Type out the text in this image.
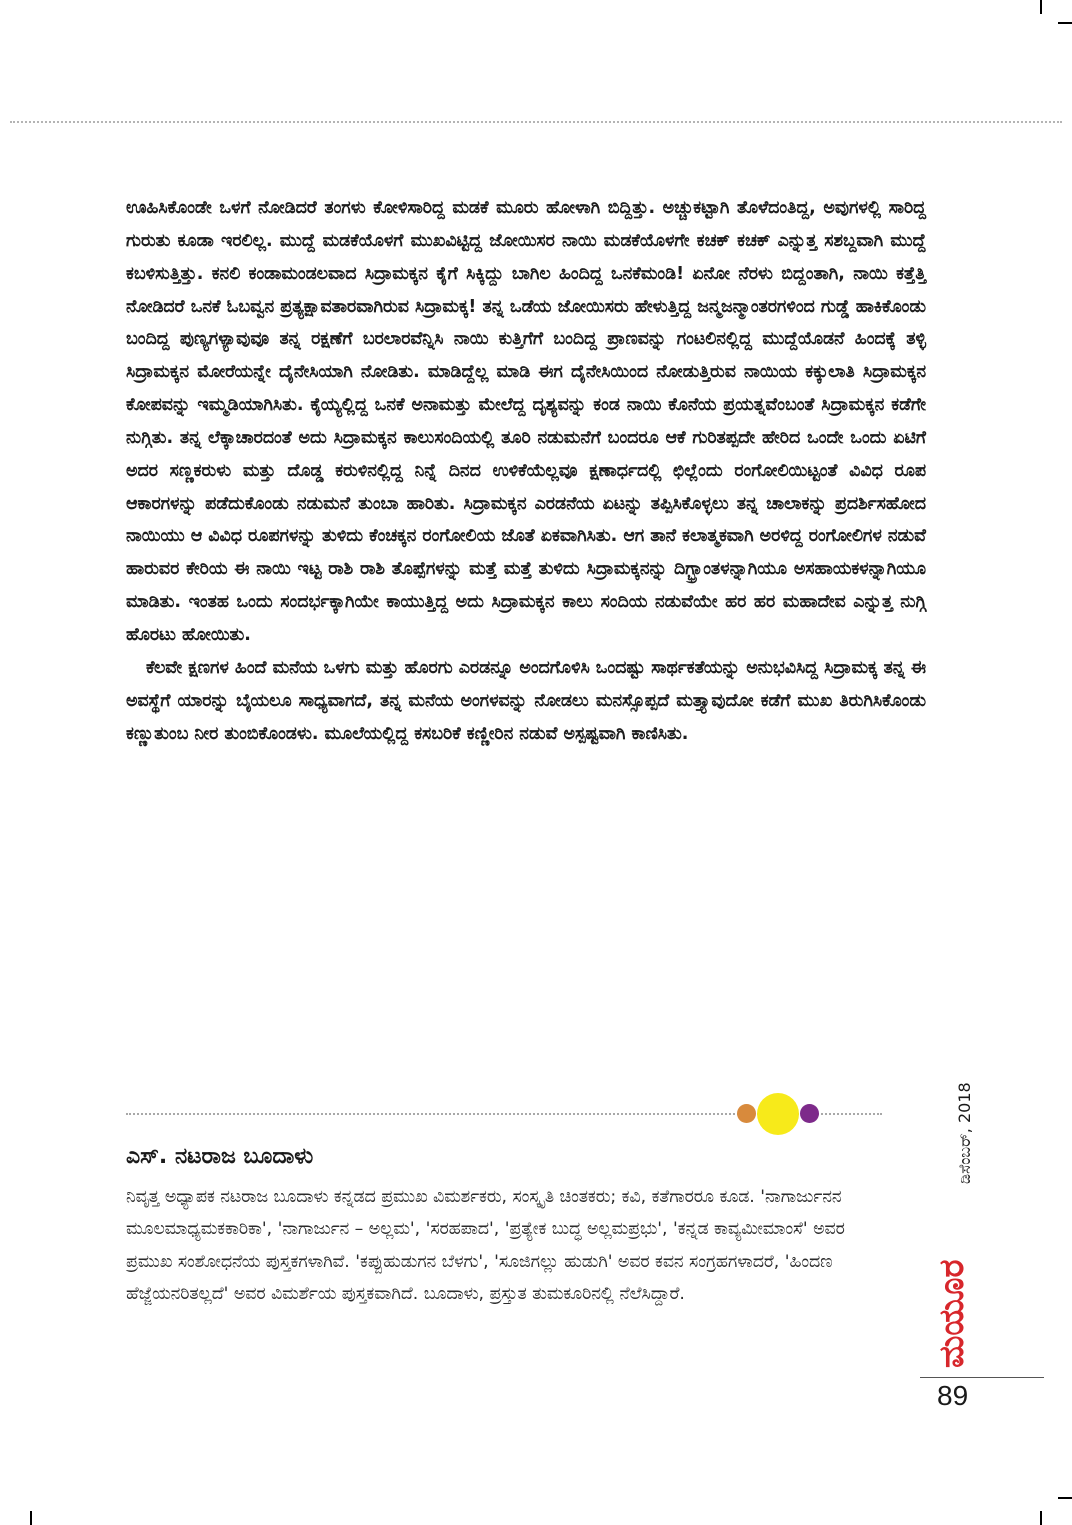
ಊಹಿಸಿಕೊಂಡೇ ಒಳಗೆ ನೋಡಿದರೆ ತಂಗಳು ಕೋಳಿಸಾರಿದ್ದ ಮಡಕೆ ಮೂರು ಹೋಳಾಗಿ ಬಿದ್ದಿತ್ತು. ಅಚ್ಚುಕಟ್ಟಾಗಿ ತೊಳೆದಂತಿದ್ದ, ಅವುಗಳಲ್ಲಿ ಸಾರಿದ್ದ ಗುರುತು ಕೂಡಾ ಇರಲಿಲ್ಲ. ಮುದ್ದೆ ಮಡಕೆಯೊಳಗೆ ಮುಖವಿಟ್ಟಿದ್ದ ಜೋಯಿಸರ ನಾಯಿ ಮಡಕೆಯೊಳಗೇ ಕಚಕ್ ಕಚಕ್ ಎನ್ನುತ್ತ ಸಶಬ್ದವಾಗಿ ಮುದ್ದೆ ಕಬಳಿಸುತ್ತಿತ್ತು. ಕನಲಿ ಕಂಡಾಮಂಡಲವಾದ ಸಿದ್ರಾಮಕ್ಕನ ಕೈಗೆ ಸಿಕ್ಕಿದ್ದು ಬಾಗಿಲ ಹಿಂದಿದ್ದ ಒನಕೆಮಂಡಿ! ಏನೋ ನೆರಳು ಬಿದ್ದಂತಾಗಿ, ನಾಯಿ ಕತ್ತೆತ್ತಿ ನೋಡಿದರೆ ಒನಕೆ ಓಬವ್ವನ ಪ್ರತ್ಯಕ್ಷಾವತಾರವಾಗಿರುವ ಸಿದ್ರಾಮಕ್ಕ! ತನ್ನ ಒಡೆಯ ಜೋಯಿಸರು ಹೇಳುತ್ತಿದ್ದ ಜನ್ಮಜನ್ಮಾಂತರಗಳಿಂದ ಗುಡ್ಡೆ ಹಾಕಿಕೊಂಡು ಬಂದಿದ್ದ ಪುಣ್ಯಗಳ್ಯಾವುವೂ ತನ್ನ ರಕ್ಷಣೆಗೆ ಬರಲಾರವೆನ್ನಿಸಿ ನಾಯಿ ಕುತ್ತಿಗೆಗೆ ಬಂದಿದ್ದ ಪ್ರಾಣವನ್ನು ಗಂಟಲಿನಲ್ಲಿದ್ದ ಮುದ್ದೆಯೊಡನೆ ಹಿಂದಕ್ಕೆ ತಳ್ಳಿ ಸಿದ್ರಾಮಕ್ಕನ ಮೋರೆಯನ್ನೇ ದೈನೇಸಿಯಾಗಿ ನೋಡಿತು. ಮಾಡಿದ್ದೆಲ್ಲ ಮಾಡಿ ಈಗ ದೈನೇಸಿಯಿಂದ ನೋಡುತ್ತಿರುವ ನಾಯಿಯ ಕಕ್ಕುಲಾತಿ ಸಿದ್ರಾಮಕ್ಕನ ಕೋಪವನ್ನು ಇಮ್ಮಡಿಯಾಗಿಸಿತು. ಕೈಯ್ಯಲ್ಲಿದ್ದ ಒನಕೆ ಅನಾಮತ್ತು ಮೇಲೆದ್ದ ದೃಶ್ಯವನ್ನು ಕಂಡ ನಾಯಿ ಕೊನೆಯ ಪ್ರಯತ್ನವೆಂಬಂತೆ ಸಿದ್ರಾಮಕ್ಕನ ಕಡೆಗೇ ನುಗ್ಗಿತು. ತನ್ನ ಲೆಕ್ಕಾಚಾರದಂತೆ ಅದು ಸಿದ್ರಾಮಕ್ಕನ ಕಾಲುಸಂದಿಯಲ್ಲಿ ತೂರಿ ನಡುಮನೆಗೆ ಬಂದರೂ ಆಕೆ ಗುರಿತಪ್ಪದೇ ಹೇರಿದ ಒಂದೇ ಒಂದು ಏಟಿಗೆ ಅದರ ಸಣ್ಣಕರುಳು ಮತ್ತು ದೊಡ್ಡ ಕರುಳಿನಲ್ಲಿದ್ದ ನಿನ್ನೆ ದಿನದ ಉಳಿಕೆಯೆಲ್ಲವೂ ಕ್ಷಣಾರ್ಧದಲ್ಲಿ ಛಿಲ್ಲೆಂದು ರಂಗೋಲಿಯಿಟ್ಟಂತೆ ವಿವಿಧ ರೂಪ ಆಕಾರಗಳನ್ನು ಪಡೆದುಕೊಂಡು ನಡುಮನೆ ತುಂಬಾ ಹಾರಿತು. ಸಿದ್ರಾಮಕ್ಕನ ಎರಡನೆಯ ಏಟನ್ನು ತಪ್ಪಿಸಿಕೊಳ್ಳಲು ತನ್ನ ಚಾಲಾಕನ್ನು ಪ್ರದರ್ಶಿಸಹೋದ ನಾಯಿಯು ಆ ವಿವಿಧ ರೂಪಗಳನ್ನು ತುಳಿದು ಕೆಂಚಕ್ಕನ ರಂಗೋಲಿಯ ಜೊತೆ ಏಕವಾಗಿಸಿತು. ಆಗ ತಾನೆ ಕಲಾತ್ಮಕವಾಗಿ ಅರಳಿದ್ದ ರಂಗೋಲಿಗಳ ನಡುವೆ ಹಾರುವರ ಕೇರಿಯ ಈ ನಾಯಿ ಇಟ್ಟ ರಾಶಿ ರಾಶಿ ತೊಪ್ಪೆಗಳನ್ನು ಮತ್ತೆ ಮತ್ತೆ ತುಳಿದು ಸಿದ್ರಾಮಕ್ಕನನ್ನು ದಿಗ್ಭ್ರಾಂತಳನ್ನಾಗಿಯೂ ಅಸಹಾಯಕಳನ್ನಾಗಿಯೂ ಮಾಡಿತು. ಇಂತಹ ಒಂದು ಸಂದರ್ಭಕ್ಕಾಗಿಯೇ ಕಾಯುತ್ತಿದ್ದ ಅದು ಸಿದ್ರಾಮಕ್ಕನ ಕಾಲು ಸಂದಿಯ ನಡುವೆಯೇ ಹರ ಹರ ಮಹಾದೇವ ಎನ್ನುತ್ತ ನುಗ್ಗಿ ಹೊರಟು ಹೋಯಿತು.

ಕೆಲವೇ ಕ್ಷಣಗಳ ಹಿಂದೆ ಮನೆಯ ಒಳಗು ಮತ್ತು ಹೊರಗು ಎರಡನ್ನೂ ಅಂದಗೊಳಿಸಿ ಒಂದಷ್ಟು ಸಾರ್ಥಕತೆಯನ್ನು ಅನುಭವಿಸಿದ್ದ ಸಿದ್ರಾಮಕ್ಕ ತನ್ನ ಈ ಅವಸ್ಥೆಗೆ ಯಾರನ್ನು ಬೈಯಲೂ ಸಾಧ್ಯವಾಗದೆ, ತನ್ನ ಮನೆಯ ಅಂಗಳವನ್ನು ನೋಡಲು ಮನಸ್ಸೊಪ್ಪದೆ ಮತ್ತ್ಯಾವುದೋ ಕಡೆಗೆ ಮುಖ ತಿರುಗಿಸಿಕೊಂಡು ಕಣ್ಣುತುಂಬ ನೀರ ತುಂಬಿಕೊಂಡಳು. ಮೂಲೆಯಲ್ಲಿದ್ದ ಕಸಬರಿಕೆ ಕಣ್ಣೀರಿನ ನಡುವೆ ಅಸ್ಪಷ್ಟವಾಗಿ ಕಾಣಿಸಿತು.

ಎಸ್. ನಟರಾಜ ಬೂದಾಳು

ನಿವೃತ್ತ ಅಧ್ಯಾಪಕ ನಟರಾಜ ಬೂದಾಳು ಕನ್ನಡದ ಪ್ರಮುಖ ವಿಮರ್ಶಕರು, ಸಂಸ್ಕೃತಿ ಚಿಂತಕರು; ಕವಿ, ಕತೆಗಾರರೂ ಕೂಡ. 'ನಾಗಾರ್ಜುನನ ಮೂಲಮಾಧ್ಯಮಕಕಾರಿಕಾ', 'ನಾಗಾರ್ಜುನ – ಅಲ್ಲಮ', 'ಸರಹಪಾದ', 'ಪ್ರತ್ಯೇಕ ಬುದ್ಧ ಅಲ್ಲಮಪ್ರಭು', 'ಕನ್ನಡ ಕಾವ್ಯಮೀಮಾಂಸೆ' ಅವರ ಪ್ರಮುಖ ಸಂಶೋಧನೆಯ ಪುಸ್ತಕಗಳಾಗಿವೆ. 'ಕಪ್ಪುಹುಡುಗನ ಬೆಳಗು', 'ಸೂಜಿಗಲ್ಲು ಹುಡುಗಿ' ಅವರ ಕವನ ಸಂಗ್ರಹಗಳಾದರೆ, 'ಹಿಂದಣ ಹೆಜ್ಜೆಯನರಿತಲ್ಲದೆ' ಅವರ ವಿಮರ್ಶೆಯ ಪುಸ್ತಕವಾಗಿದೆ. ಬೂದಾಳು, ಪ್ರಸ್ತುತ ತುಮಕೂರಿನಲ್ಲಿ ನೆಲೆಸಿದ್ದಾರೆ.

ಡಿಸೆಂಬರ್, 2018
ಮಯೂರ
89
